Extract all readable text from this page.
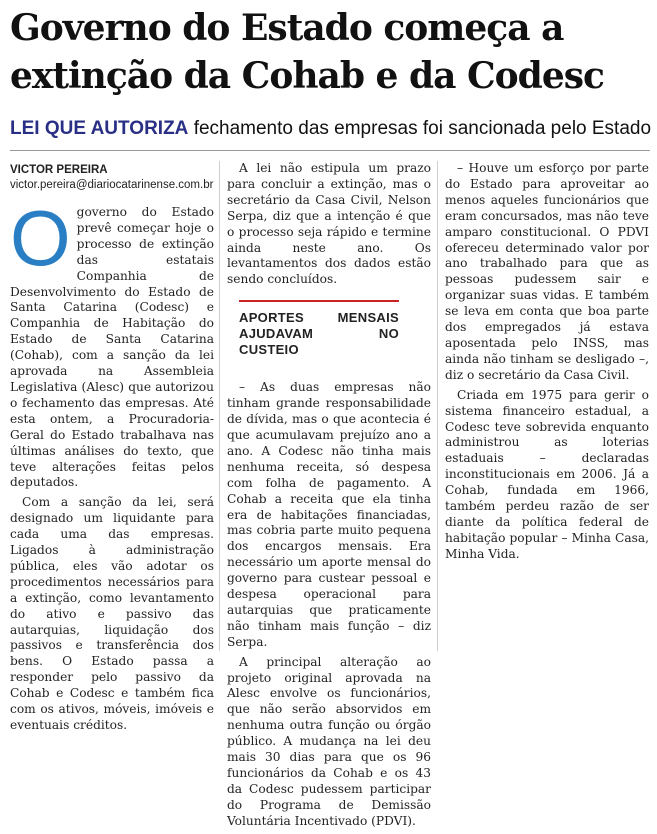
Governo do Estado começa a extinção da Cohab e da Codesc
LEI QUE AUTORIZA fechamento das empresas foi sancionada pelo Estado
VICTOR PEREIRA
victor.pereira@diariocatarinense.com.br

Ogoverno do Estado prevê começar hoje o processo de extinção das estatais Companhia de Desenvolvimento do Estado de Santa Catarina (Codesc) e Companhia de Habitação do Estado de Santa Catarina (Cohab), com a sanção da lei aprovada na Assembleia Legislativa (Alesc) que autorizou o fechamento das empresas. Até esta ontem, a Procuradoria-Geral do Estado trabalhava nas últimas análises do texto, que teve alterações feitas pelos deputados.

Com a sanção da lei, será designado um liquidante para cada uma das empresas. Ligados à administração pública, eles vão adotar os procedimentos necessários para a extinção, como levantamento do ativo e passivo das autarquias, liquidação dos passivos e transferência dos bens. O Estado passa a responder pelo passivo da Cohab e Codesc e também fica com os ativos, móveis, imóveis e eventuais créditos.

A lei não estipula um prazo para concluir a extinção, mas o secretário da Casa Civil, Nelson Serpa, diz que a intenção é que o processo seja rápido e termine ainda neste ano. Os levantamentos dos dados estão sendo concluídos.

APORTES MENSAIS AJUDAVAM NO CUSTEIO

– As duas empresas não tinham grande responsabilidade de dívida, mas o que acontecia é que acumulavam prejuízo ano a ano. A Codesc não tinha mais nenhuma receita, só despesa com folha de pagamento. A Cohab a receita que ela tinha era de habitações financiadas, mas cobria parte muito pequena dos encargos mensais. Era necessário um aporte mensal do governo para custear pessoal e despesa operacional para autarquias que praticamente não tinham mais função – diz Serpa.

A principal alteração ao projeto original aprovada na Alesc envolve os funcionários, que não serão absorvidos em nenhuma outra função ou órgão público. A mudança na lei deu mais 30 dias para que os 96 funcionários da Cohab e os 43 da Codesc pudessem participar do Programa de Demissão Voluntária Incentivado (PDVI).

– Houve um esforço por parte do Estado para aproveitar ao menos aqueles funcionários que eram concursados, mas não teve amparo constitucional. O PDVI ofereceu determinado valor por ano trabalhado para que as pessoas pudessem sair e organizar suas vidas. E também se leva em conta que boa parte dos empregados já estava aposentada pelo INSS, mas ainda não tinham se desligado –, diz o secretário da Casa Civil.

Criada em 1975 para gerir o sistema financeiro estadual, a Codesc teve sobrevida enquanto administrou as loterias estaduais – declaradas inconstitucionais em 2006. Já a Cohab, fundada em 1966, também perdeu razão de ser diante da política federal de habitação popular – Minha Casa, Minha Vida.
